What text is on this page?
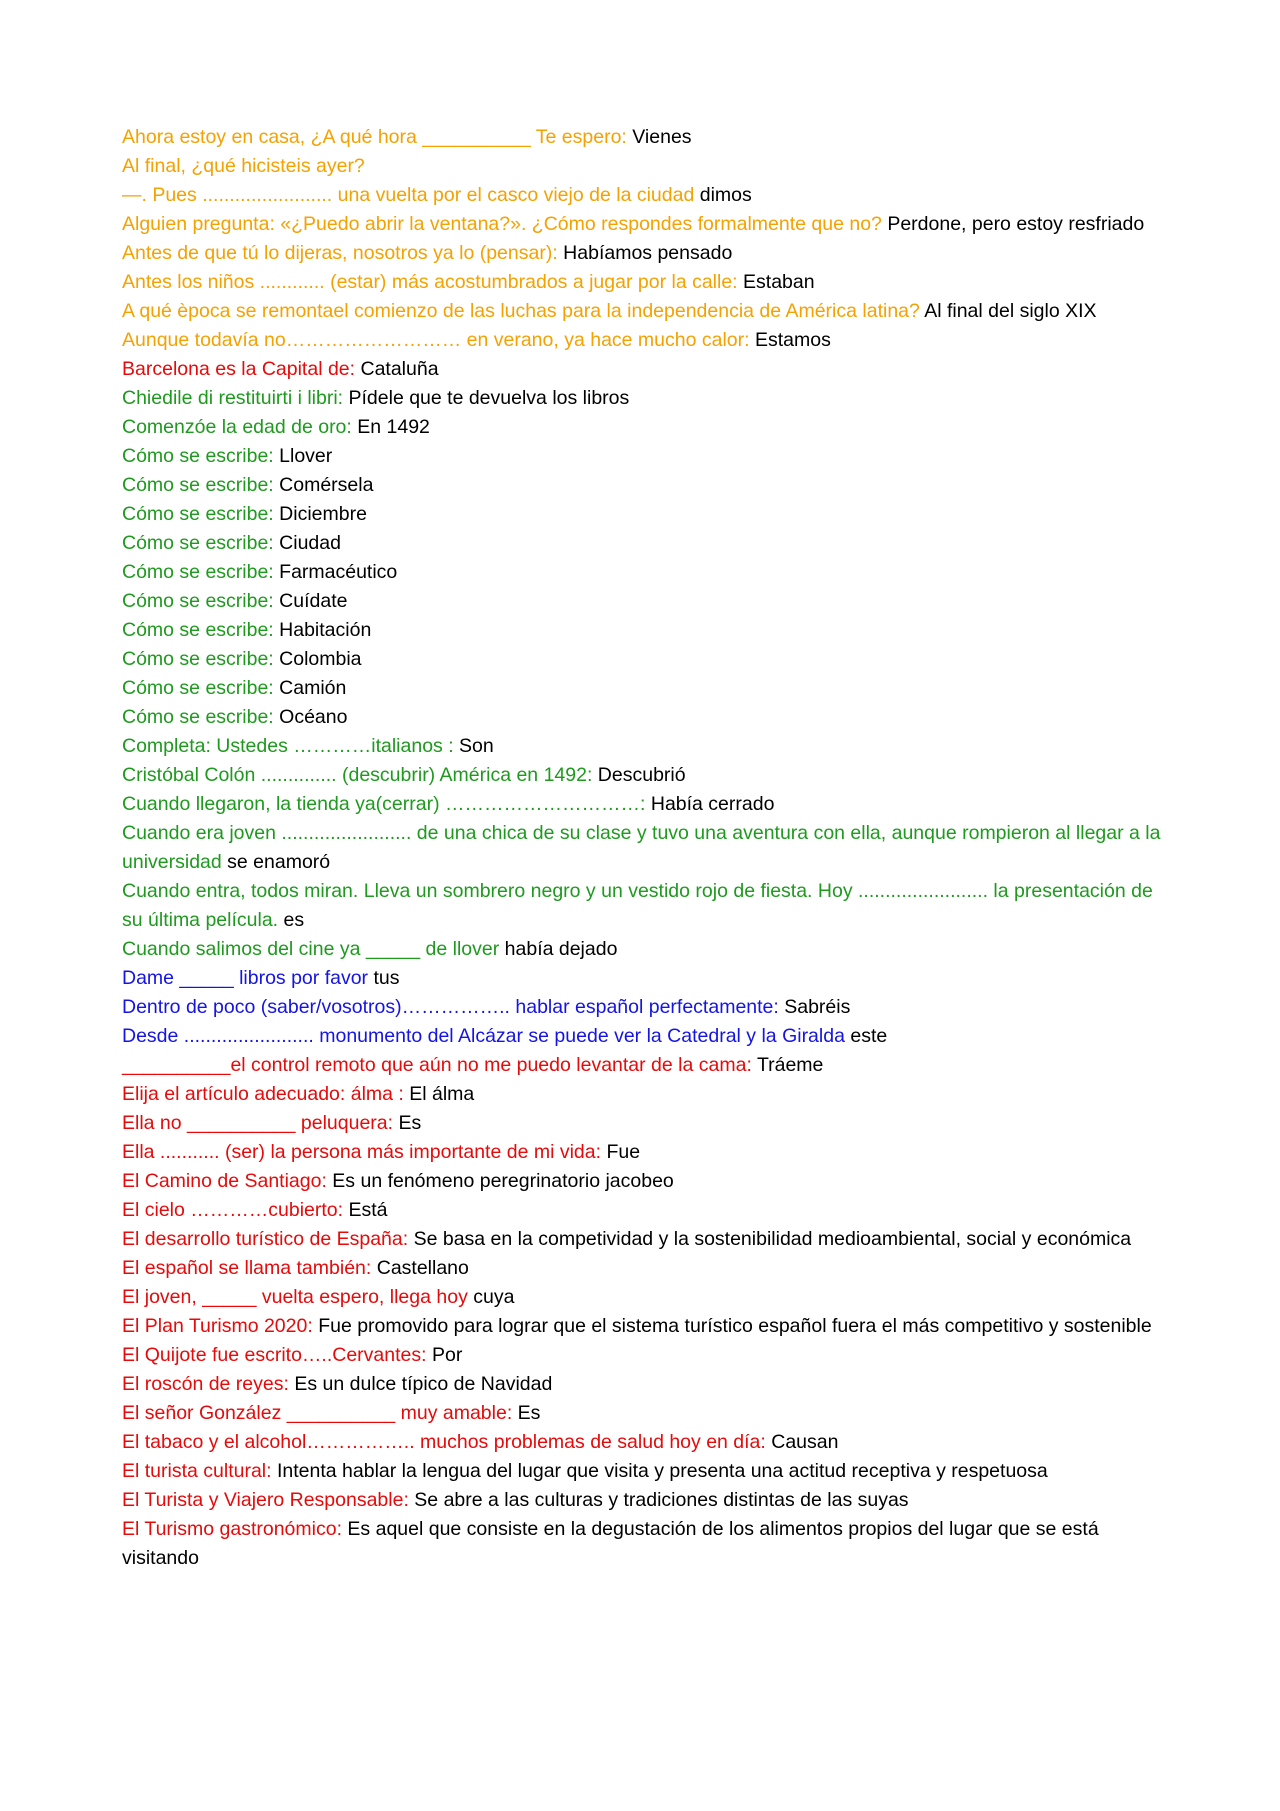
Ahora estoy en casa, ¿A qué hora __________ Te espero: Vienes

Al final, ¿qué hicisteis ayer?

—. Pues ........................ una vuelta por el casco viejo de la ciudad dimos

Alguien pregunta: «¿Puedo abrir la ventana?». ¿Cómo respondes formalmente que no? Perdone, pero estoy resfriado

Antes de que tú lo dijeras, nosotros ya lo (pensar): Habíamos pensado

Antes los niños ............ (estar) más acostumbrados a jugar por la calle: Estaban

A qué època se remontael comienzo de las luchas para la independencia de América latina? Al final del siglo XIX

Aunque todavía no……………………… en verano, ya hace mucho calor: Estamos

Barcelona es la Capital de: Cataluña

Chiedile di restituirti i libri: Pídele que te devuelva los libros

Comenzóe la edad de oro: En 1492

Cómo se escribe: Llover

Cómo se escribe: Comérsela

Cómo se escribe: Diciembre

Cómo se escribe: Ciudad

Cómo se escribe: Farmacéutico

Cómo se escribe: Cuídate

Cómo se escribe: Habitación

Cómo se escribe: Colombia

Cómo se escribe: Camión

Cómo se escribe: Océano

Completa: Ustedes …………italianos : Son

Cristóbal Colón .............. (descubrir) América en 1492: Descubrió

Cuando llegaron, la tienda ya(cerrar) …………………………: Había cerrado

Cuando era joven ........................ de una chica de su clase y tuvo una aventura con ella, aunque rompieron al llegar a la universidad se enamoró

Cuando entra, todos miran. Lleva un sombrero negro y un vestido rojo de fiesta. Hoy ........................ la presentación de su última película. es

Cuando salimos del cine ya _____ de llover había dejado

Dame _____ libros por favor tus

Dentro de poco (saber/vosotros)…………….. hablar español perfectamente: Sabréis

Desde ........................ monumento del Alcázar se puede ver la Catedral y la Giralda este

__________el control remoto que aún no me puedo levantar de la cama: Tráeme

Elija el artículo adecuado: álma : El álma

Ella no __________ peluquera: Es

Ella ........... (ser) la persona más importante de mi vida: Fue

El Camino de Santiago: Es un fenómeno peregrinatorio jacobeo

El cielo …………cubierto: Está

El desarrollo turístico de España: Se basa en la competividad y la sostenibilidad medioambiental, social y económica

El español se llama también: Castellano

El joven, _____ vuelta espero, llega hoy cuya

El Plan Turismo 2020: Fue promovido para lograr que el sistema turístico español fuera el más competitivo y sostenible

El Quijote fue escrito…..Cervantes: Por

El roscón de reyes: Es un dulce típico de Navidad

El señor González __________ muy amable: Es

El tabaco y el alcohol…………….. muchos problemas de salud hoy en día: Causan

El turista cultural: Intenta hablar la lengua del lugar que visita y presenta una actitud receptiva y respetuosa

El Turista y Viajero Responsable: Se abre a las culturas y tradiciones distintas de las suyas

El Turismo gastronómico: Es aquel que consiste en la degustación de los alimentos propios del lugar que se está visitando
